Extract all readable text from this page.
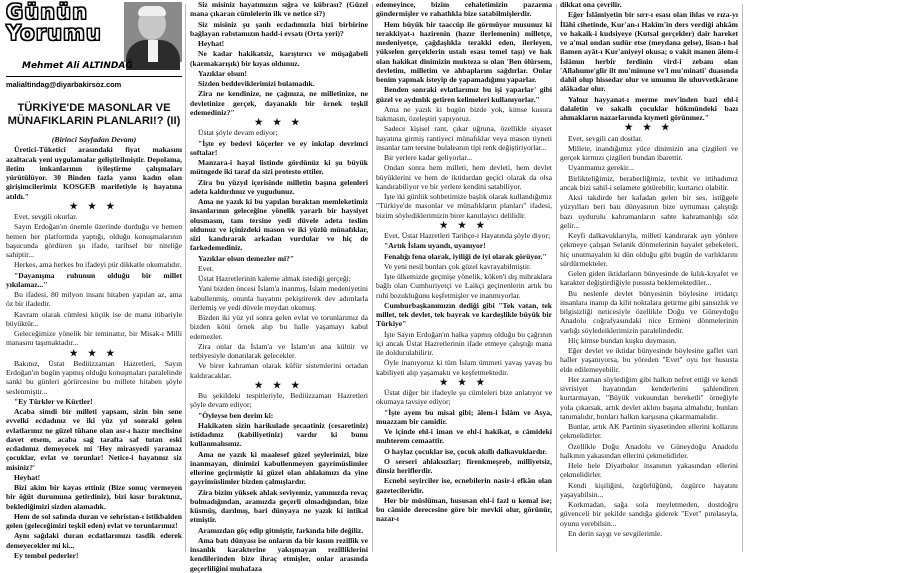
Günün
Yorumu
Mehmet Ali ALTINDAĞ
malialtindag@diyarbakirsoz.com
TÜRKİYE'DE MASONLAR VE MÜNAFIKLARIN PLANLARI!? (II)

(Birinci Sayfadan Devam)

Üretici-Tüketici arasındaki fiyat makasını azaltacak yeni uygulamalar geliştirilmiştir. Depolama, iletim imkanlarının iyileştirme çalışmaları yürütülüyor. 30 Binden fazla yansı kadın olan girişimcilerimiz KOSGEB marifetiyle iş hayatına atıldı."

★ ★ ★

Evet, sevgili okurlar.

Sayın Erdoğan'ın önemle üzerinde durduğu ve hemen hemen her platformda yaptığı, olduğu konuşmalarının başucunda gördüren şu ifade, tarihsel bir niteliğe sahiptir...

Herkes, ama herkes bu ifadeyi pür dikkatle okumalıdır.

"Dayanışma ruhunun olduğu bir millet yıkılamaz..."

Bu ifadesi, 80 milyon insanı hitaben yapılan az, ama öz bir ifadedir.

Kavram olarak cümlesi küçük ise de mana itibariyle büyüktür...

Geleceğimize yönelik bir teminattır, bir Misak-ı Milli manasını taşımaktadır...

★ ★ ★

Bakınız, Üstat Bediüzzaman Hazretleri, Sayın Erdoğan'ın bugün yapmış olduğu konuşmaları paralelinde sanki bu günleri görürcesine bu millete hitaben şöyle seslenmiştir...

"Ey Türkler ve Kürtler!

Acaba simdi bir milleti yapsam, sizin bin sene evvelki ecdadınız ve iki yüz yıl sonraki gelen evlatlarınız ne güzel tühane olan asr-ı hazır meclisine davet etsem, acaba sağ tarafta saf tutan eski ecdadımız demeyecek mi 'Hey mirasyedi yaramaz çocuklar, evlat ve torunlar! Netice-i hayatınız siz misiniz?'

Heyhat!

Bizi akim bir kayas ettiniz (Bize sonuç vermeyen bir öğüt durumuna getirdiniz), bizi kısır bıraktınız, beklediğimizi sizden alamadık.

Hem de sol safında duran ve sehristan-ı istikbalden gelen (geleceğimizi teşkil eden) evlat ve torunlarımız!

Aynı sağdaki duran ecdatlarımızı tasdik ederek demeyecekler mi ki...

Ey tembel pederler!

Siz misiniz hayatımızın sığra ve kübrası? (Güzel mana çıkaran cümlelerin ilk ve netice si?)

Siz misiniz şu şanlı ecdadımızla bizi birbirine bağlayan rabıtamızın hadd-i evsatı (Orta yeri)?

Heyhat!

Ne kadar hakikatsiz, karıştırıcı ve müşağabeli (karmakarışık) bir kıyas oldunuz.

Yazıklar olsun!

Sizden beddeviklerimizi bulamadık.

Zira ne kendinize, ne çağınıza, ne milletinize, ne devletinize gerçek, dayanaklı bir örnek teşkil edemediniz?"

★ ★ ★

Üstat şöyle devam ediyor;

"İşte ey bedevi köçerler ve ey inkılap devrimci softalar!

Manzara-i hayal listinde gördünüz ki şu büyük mütngede iki taraf da sizi protesto ettiler.

Zira bu yüzyıl içerisinde milletin başına gelenleri adeta kaldırdınız ve yugudunuz.

Ama ne yazık ki bu yapılan bıraktan memleketimiz insanlarının geleceğine yönelik yararlı bir haysiyet olusmasın, tam tersine yedi düvele adeta teslim oldunuz ve içinizdeki mason ve iki yüzlü münafıklar, sizi kandırarak arkadan vurdular ve hiç de farkedemediniz.

Yazıklar olsun demezler mi?"

Evet.

Üstat Hazretlerinin kaleme almak istediği gerçeği;

Yani bizden öncesi İslam'a inanmış, İslam medeniyetini kabullenmiş, onunla hayatını pekiştirerek dev adımlarla ilerlemiş ve yedi düvele meydan okumuş.

Bizden iki yüz yıl sonra gelen evlat ve torunlarımız da bizden kötü örnek alıp bu halle yaşamayı kabul edemezler.

Zira onlar da İslam'a ve İslam'ın ana kültür ve terbiyesiyle donatılarak gelecekler.

Ve birer kahraman olarak küfür sistemlerini ortadan kaldıracaklar.

★ ★ ★

Bu şekildeki tespitleriyle, Bediüzzaman Hazretleri şöyle devam ediyor;

"Öyleyse ben derim ki:

Hakikaten sizin harikulade şecaatiniz (cesaretiniz) istidadınız (kabiliyetiniz) vardır ki bunu kullanmalısınız.

Ama ne yazık ki maalesef güzel şeylerimizi, bize inanmayan, dinimizi kabullenmeyen gayrimüslimler ellerine geçirmiştir ki güzel olan ahlakımızı da yine gayrimüslimler bizden çalmışlardır.

Zira bizim yüksek ahlak seviyemiz, yanımızda revaç bulmadığından, aramızda geçerli olmadığından, bize küsmüş, darılmış, bari dünyaya ne yazık ki intikal etmiştir.

Aramızdan göç edip gitmiştir, farkında bile değiliz.

Ama batı dünyası ise onların da bir kısım rezillik ve insanlık karakterine yakışmayan rezilliklerini kendilerinden bize ihraç etmişler, onlar arasında geçerliliğini muhafaza

edemeyince, bizim cehaletimizin pazarına göndermişler ve rahatlıkla bize satabilmişlerdir.

Hem büyük bir taaccüp ile görmüyor musunuz ki terakkiyat-ı hazirenin (hazır ilerlemenin) milletçe, medeniyetçe, çağdaşlıkla terakki eden, ilerleyen, yükselen gerçeklerin ustalı esası temel taşı) ve hak olan hakikat dinimizin mukteza sı olan 'Ben ölürsem, devletim, milletim ve ahbaplarım sağdırlar. Onlar benim yapmak isteyip de yapamadığımı yaparlar.

Benden sonraki evlatlarımız bu işi yaparlar' gibi güzel ve aydınlık getiren kelimeleri kullanıyorlar."

Ama ne yazık ki bugün bizde yok, kimse kusura bakmasın, özeleştiri yapıyoruz.

Sadece kişisel rant, çıkar uğruna, özellikle siyaset hayatına girmiş rantiyeci münafıklar veya mason tiyneti insanlar tam tersine bulaleanın tipi renk değiştiriyorlar...

Bir yerlere kadar geliyorlar...

Ondan sonra hem milleti, hem devleti, hem devlet büyüklerini ve hem de iktidardan geçici olarak da olsa kandırabiliyor ve bir yerlere kendini satabiliyor.

İşte iki günlük sohbetimize başlık olarak kullandığımız "Türkiye'de masonlar ve münafıkların planları" ifadesi, bizim söylediklerimizin birer kanıtlayıcı delilidir.

★ ★ ★

Evet, Üstat Hazretleri Tarihçe-i Hayatında şöyle diyor;

"Artık İslam uyandı, uyanıyor!

Fenalığı fena olarak, iyiliği de iyi olarak görüyor."

Ve yeni nesil bunları çok güzel kavrayabilmiştir.

İşte ülkemizde geçmişe yönelik, köken'i dış mihraklara bağlı olan Cumhuriyetçi ve Laikçi geçinenlerin artık bu ruhi bozukluğunu keşfetmişler ve inanmıyorlar.

Cumhurbaşkanımızın dediği gibi "Tek vatan, tek millet, tek devlet, tek bayrak ve kardeşlikle büyük bir Türkiye"

İşte Sayın Erdoğan'ın halka yapmış olduğu bu çağrının içi ancak Üstat Hazretlerinin ifade etmeye çalıştığı mana ile doldurulabilirir.

Öyle inanıyoruz ki tüm İslam ümmeti yavaş yavaş bu kabiliyeti alıp yaşamaktı ve keşfetmektedir.

★ ★ ★

Üstat diğer bir ifadeyle şu cümleleri bize anlatıyor ve okumaya tavsiye ediyor;

"İşte ayem bu misal gibi; âlem-i İslâm ve Asya, muazzam bir camidir.

Ve içinde ehl-i iman ve ehl-i hakikat, o câmideki muhterem cemaattir.

O haylaz çocuklar ise, çocuk akıllı dalkavuklardır.

O serseri ahlaksızlar; firenkmeşreb, milliyetsiz, dinsiz heriflerdir.

Ecnebi seyirciler ise, ecnebilerin nasir-i efkân olan gazetecileridir.

Her bir müslüman, hususan ehl-i fazl u kemal ise; bu câmide derecesine göre bir mevkii olur, görünür, nazar-ı

dikkat ona çevrilir.

Eğer İslâmiyetin bir sırr-ı esası olan ihlas ve rıza-yı İlâhî cihetinde, Kur'an-ı Hakîm'in ders verdiği ahkâm ve hakaik-i kudsiyeye (Kutsal gerçekler) dair hareket ve a'mal ondan sudür etse (meydana gelse), lisan-ı hal ilamen ayât-ı Kur'aniyeyi okusa; o vakit manen âlem-i İslâmın herbir ferdinin vird-i zebanı olan 'Allahume'glir ilt mu'minune ve'l mu'minati' duasında dahil olup hissedar olur ve umumu ile uhuvvetkârane alâkadar olur.

Yalnız hayyanat-ı merme mev'inden bazi ehl-i dalaletin ve sakallı çocuklar hükmündeki bazı ahmakların nazarlarında kıymeti görünmez."

★ ★ ★

Evet, sevgili can dostlar.

Millete, inandığımız yüce dinimizin ana çizgileri ve gerçek kırmızı çizgileri bundan ibarettir.

Uyanmamız gerekir...

Birlikteliğimiz, beraberliğimiz, tevhit ve ittihadımız ancak bizi sahil-i selamete götürebilir, kurtarıcı olabilir.

Aksi takdirde her kafadan gelen bir ses, istiğgele yüzyılları beri batı dünyasının bize uyttuması çalıştığı bazı uydurulu kahramanların sahte kahramanlığı söz gelir...

Keyfi dalkavuklarıyla, milleti kandırarak ayn yönlere çekmeye çalışan Selanik dönmelerinin hayalet şebekeleri, hiç unutmayalım ki dün olduğu gibi bugün de varlıklarını sürdürmekteler.

Gelen giden iktidarların bünyesinde de kılık-kıyafet ve karakter değiştirdiğiyle pususta beklemektediler...

Bu neslenle devlet bünyesinin böylesine irtidatçı insanlara inanıp da kilit noktalara getirme gibi şansızlık ve bilgisizliği neticesiyle özellikle Doğu ve Güneydoğu Anadolu coğrafyasındaki nice Ermeni dönmelerinin varlığı söyledeiklerimizin paralelindedir.

Hiç kimse bundan kuşku duymasın.

Eğer devlet ve iktidar bünyesinde böylesine gaflet vari haller yaşanıyorsa, bu yöreden "Evet" oyu her hususta elde edilemeyebilir.

Her zaman söylediğim gibi halkın nefret ettiği ve kendi sivrisiyet hayatından kenderlerini şahlendiren kurtarmayan, "Büyük vukuundan bereketli" örneğiyle yola çıkarsak, artık devlet aklını başına almalıdır, bunları tanımalıdır, bunları halkın karşısına çıkarmamalıdır.

Bunlar, artık AK Partinin siyasetinden ellerini kollarını çekmelidirler.

Özellikle Doğu Anadolu ve Güneydoğu Anadolu halkının yakasından ellerini çekmelidirler.

Hele hele Diyarbakır insanının yakasından ellerini çekmelidirler.

Kendi kişiliğini, özgürlüğünü, özgürce hayatını yaşayabilsin...

Korkmadan, sağa sola meyletmeden, dostdoğru güvenceli bir şekilde sandığa giderek "Evet" pınılasıyla, oyunu verebilsin...

En derin saygı ve sevgilerimle.
